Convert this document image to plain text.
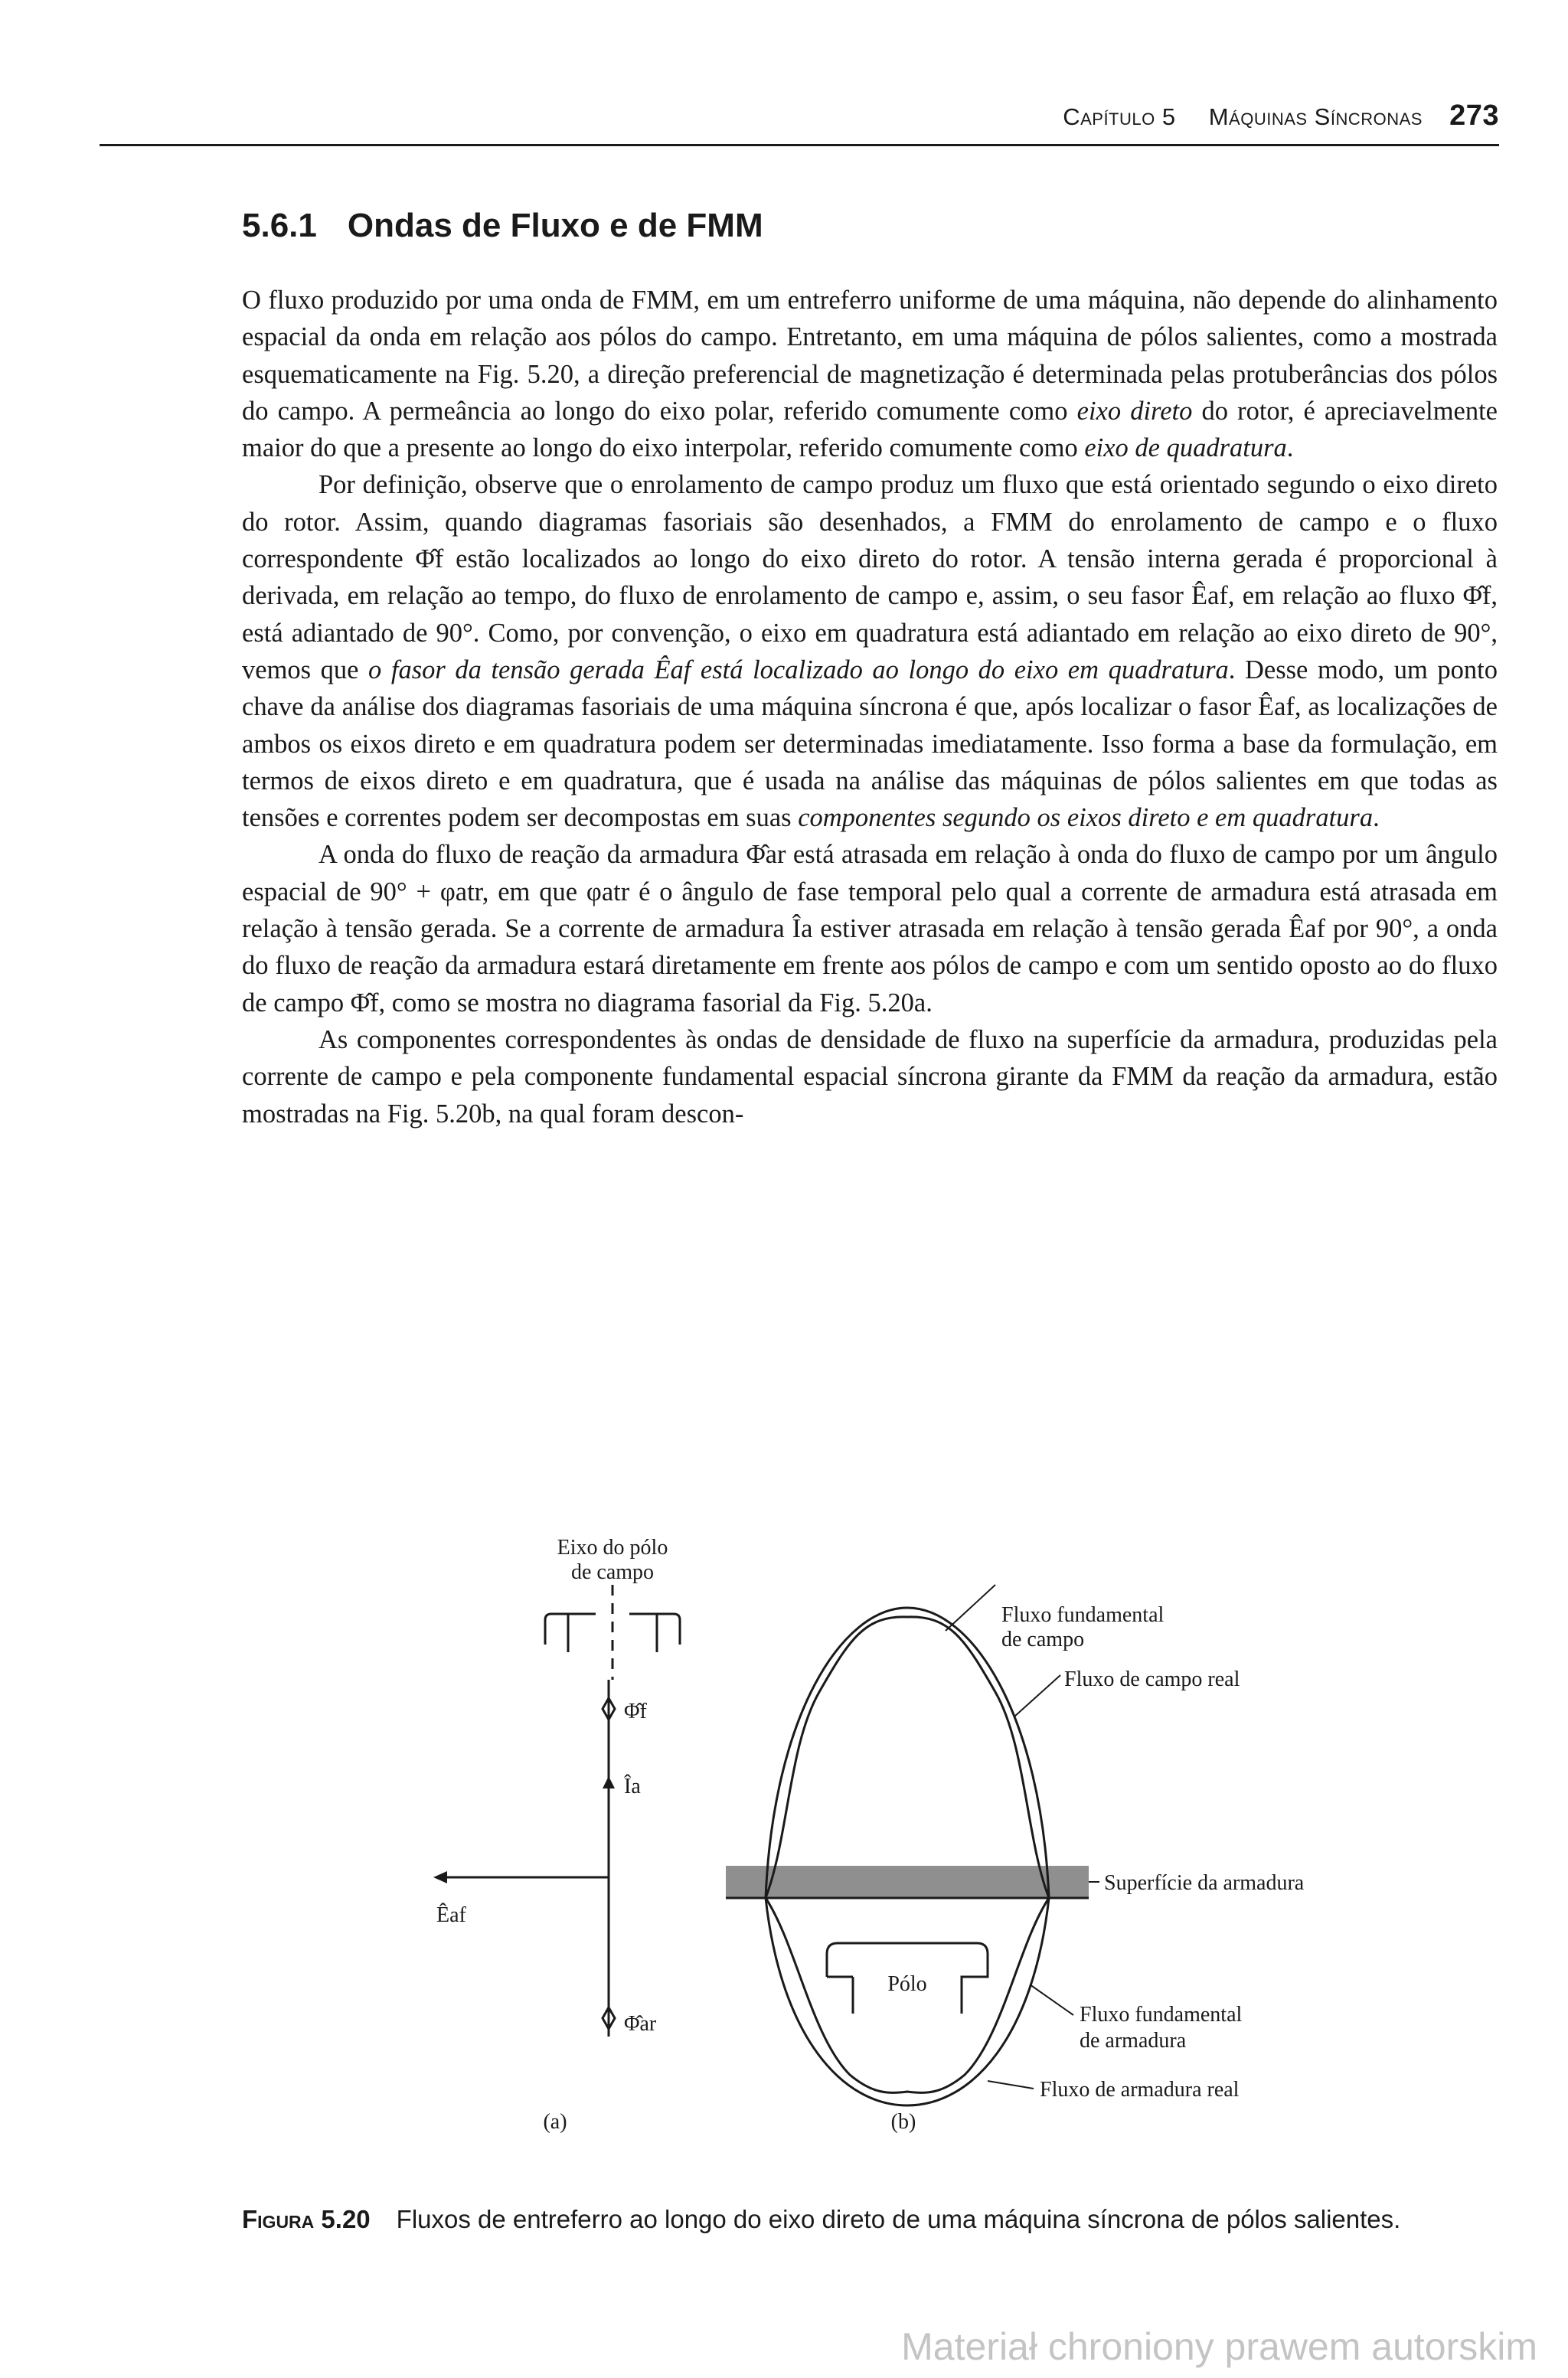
Capítulo 5 Máquinas Síncronas 273
5.6.1 Ondas de Fluxo e de FMM

O fluxo produzido por uma onda de FMM, em um entreferro uniforme de uma máquina, não depende do alinhamento espacial da onda em relação aos pólos do campo. Entretanto, em uma máquina de pólos salientes, como a mostrada esquematicamente na Fig. 5.20, a direção preferencial de magnetização é determinada pelas protuberâncias dos pólos do campo. A permeância ao longo do eixo polar, referido comumente como eixo direto do rotor, é apreciavelmente maior do que a presente ao longo do eixo interpolar, referido comumente como eixo de quadratura.

Por definição, observe que o enrolamento de campo produz um fluxo que está orientado segundo o eixo direto do rotor. Assim, quando diagramas fasoriais são desenhados, a FMM do enrolamento de campo e o fluxo correspondente Φ̂f estão localizados ao longo do eixo direto do rotor. A tensão interna gerada é proporcional à derivada, em relação ao tempo, do fluxo de enrolamento de campo e, assim, o seu fasor Êaf, em relação ao fluxo Φ̂f, está adiantado de 90°. Como, por convenção, o eixo em quadratura está adiantado em relação ao eixo direto de 90°, vemos que o fasor da tensão gerada Êaf está localizado ao longo do eixo em quadratura. Desse modo, um ponto chave da análise dos diagramas fasoriais de uma máquina síncrona é que, após localizar o fasor Êaf, as localizações de ambos os eixos direto e em quadratura podem ser determinadas imediatamente. Isso forma a base da formulação, em termos de eixos direto e em quadratura, que é usada na análise das máquinas de pólos salientes em que todas as tensões e correntes podem ser decompostas em suas componentes segundo os eixos direto e em quadratura.

A onda do fluxo de reação da armadura Φ̂ar está atrasada em relação à onda do fluxo de campo por um ângulo espacial de 90° + φatr, em que φatr é o ângulo de fase temporal pelo qual a corrente de armadura está atrasada em relação à tensão gerada. Se a corrente de armadura Îa estiver atrasada em relação à tensão gerada Êaf por 90°, a onda do fluxo de reação da armadura estará diretamente em frente aos pólos de campo e com um sentido oposto ao do fluxo de campo Φ̂f, como se mostra no diagrama fasorial da Fig. 5.20a.

As componentes correspondentes às ondas de densidade de fluxo na superfície da armadura, produzidas pela corrente de campo e pela componente fundamental espacial síncrona girante da FMM da reação da armadura, estão mostradas na Fig. 5.20b, na qual foram descon-

Eixo do pólo
de campo
Φ̂f
Îa
Êaf
Φ̂ar
(a)
Pólo
Fluxo fundamental
de campo
Fluxo de campo real
Superfície da armadura
Fluxo fundamental
de armadura
Fluxo de armadura real
(b)
Figura 5.20 Fluxos de entreferro ao longo do eixo direto de uma máquina síncrona de pólos salientes.
Materiał chroniony prawem autorskim
